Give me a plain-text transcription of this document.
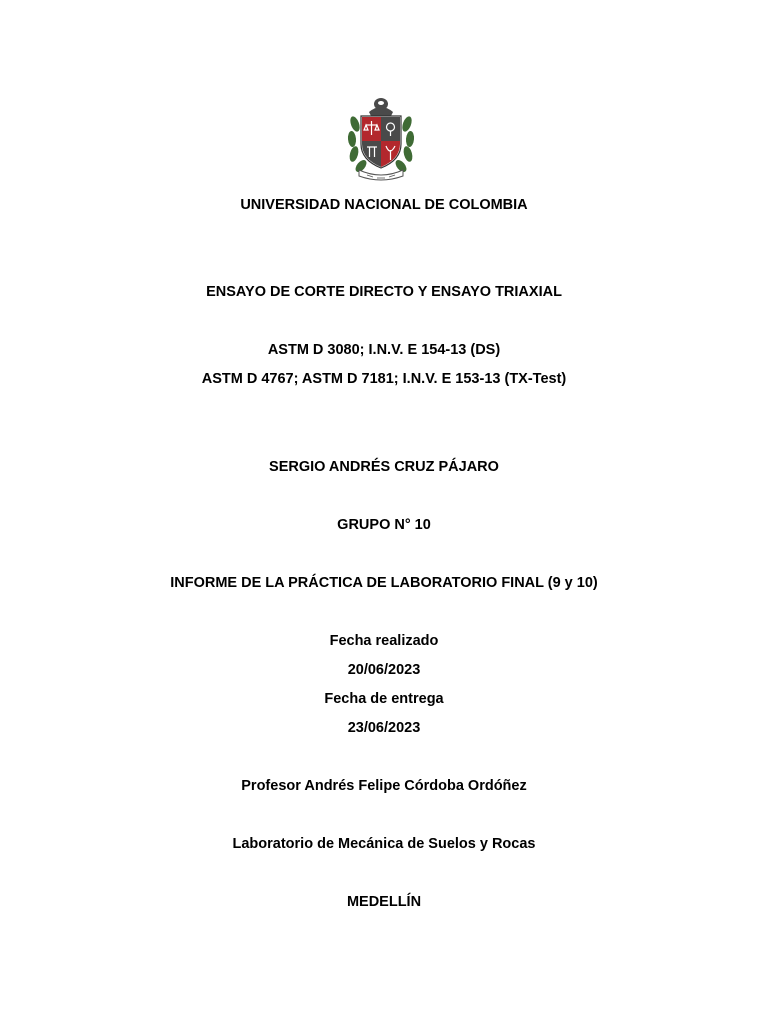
UNIVERSIDAD NACIONAL DE COLOMBIA
ENSAYO DE CORTE DIRECTO Y ENSAYO TRIAXIAL
ASTM D 3080; I.N.V. E 154-13 (DS)
ASTM D 4767; ASTM D 7181; I.N.V. E 153-13 (TX-Test)
SERGIO ANDRÉS CRUZ PÁJARO
GRUPO N° 10
INFORME DE LA PRÁCTICA DE LABORATORIO FINAL (9 y 10)
Fecha realizado
20/06/2023
Fecha de entrega
23/06/2023
Profesor Andrés Felipe Córdoba Ordóñez
Laboratorio de Mecánica de Suelos y Rocas
MEDELLÍN
